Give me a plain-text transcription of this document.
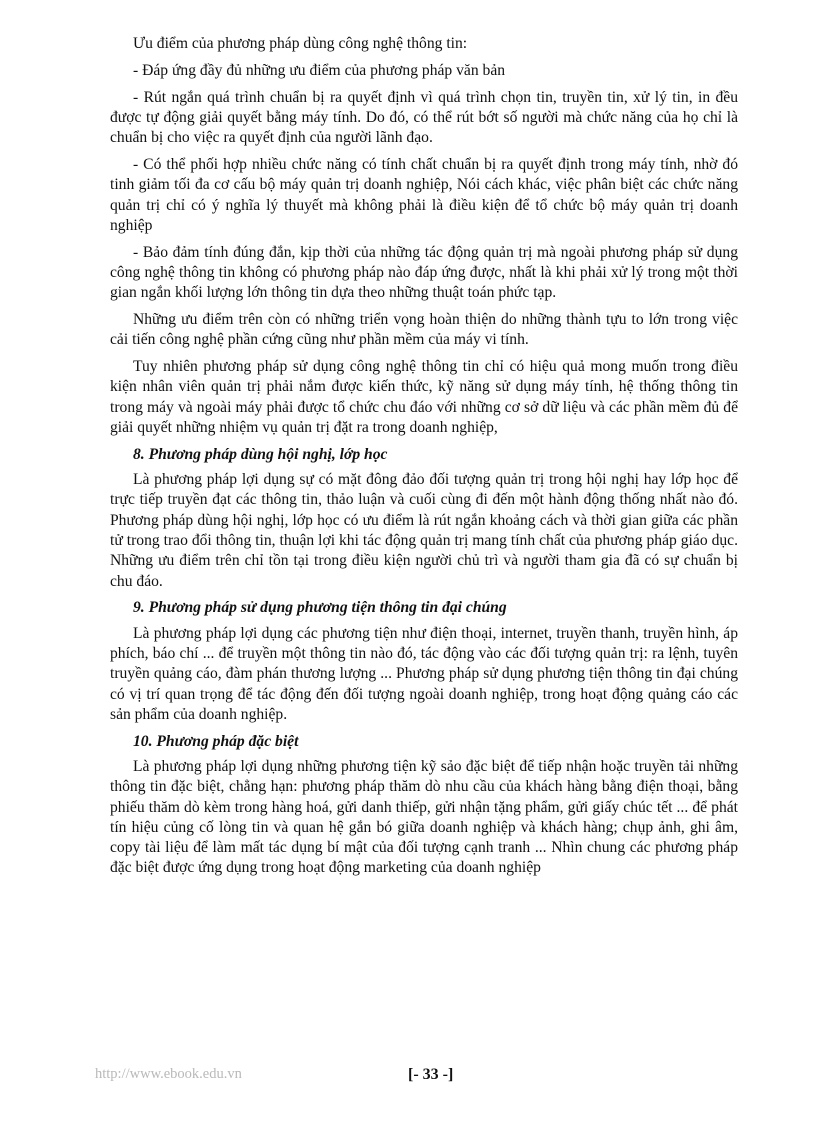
Ưu điểm của phương pháp dùng công nghệ thông tin:

- Đáp ứng đầy đủ những ưu điểm của phương pháp văn bản

- Rút ngắn quá trình chuẩn bị ra quyết định vì quá trình chọn tin, truyền tin, xử lý tin, in đều được tự động giải quyết bằng máy tính. Do đó, có thể rút bớt số người mà chức năng của họ chỉ là chuẩn bị cho việc ra quyết định của người lãnh đạo.

- Có thể phối hợp nhiều chức năng có tính chất chuẩn bị ra quyết định trong máy tính, nhờ đó tinh giảm tối đa cơ cấu bộ máy quản trị doanh nghiệp, Nói cách khác, việc phân biệt các chức năng quản trị chỉ có ý nghĩa lý thuyết mà không phải là điều kiện để tổ chức bộ máy quản trị doanh nghiệp

- Bảo đảm tính đúng đắn, kịp thời của những tác động quản trị mà ngoài phương pháp sử dụng công nghệ thông tin không có phương pháp nào đáp ứng được, nhất là khi phải xử lý trong một thời gian ngắn khối lượng lớn thông tin dựa theo những thuật toán phức tạp.

Những ưu điểm trên còn có những triển vọng hoàn thiện do những thành tựu to lớn trong việc cải tiến công nghệ phần cứng cũng như phần mềm của máy vi tính.

Tuy nhiên phương pháp sử dụng công nghệ thông tin chỉ có hiệu quả mong muốn trong điều kiện nhân viên quản trị phải nắm được kiến thức, kỹ năng sử dụng máy tính, hệ thống thông tin trong máy và ngoài máy phải được tổ chức chu đáo với những cơ sở dữ liệu và các phần mềm đủ để giải quyết những nhiệm vụ quản trị đặt ra trong doanh nghiệp,

8. Phương pháp dùng hội nghị, lớp học

Là phương pháp lợi dụng sự có mặt đông đảo đối tượng quản trị trong hội nghị hay lớp học để trực tiếp truyền đạt các thông tin, thảo luận và cuối cùng đi đến một hành động thống nhất nào đó. Phương pháp dùng hội nghị, lớp học có ưu điểm là rút ngắn khoảng cách và thời gian giữa các phần tử trong trao đổi thông tin, thuận lợi khi tác động quản trị mang tính chất của phương pháp giáo dục. Những ưu điểm trên chỉ tồn tại trong điều kiện người chủ trì và người tham gia đã có sự chuẩn bị chu đáo.

9. Phương pháp sử dụng phương tiện thông tin đại chúng

Là phương pháp lợi dụng các phương tiện như điện thoại, internet, truyền thanh, truyền hình, áp phích, báo chí ... để truyền một thông tin nào đó, tác động vào các đối tượng quản trị: ra lệnh, tuyên truyền quảng cáo, đàm phán thương lượng ... Phương pháp sử dụng phương tiện thông tin đại chúng có vị trí quan trọng để tác động đến đối tượng ngoài doanh nghiệp, trong hoạt động quảng cáo các sản phẩm của doanh nghiệp.

10. Phương pháp đặc biệt

Là phương pháp lợi dụng những phương tiện kỹ sảo đặc biệt để tiếp nhận hoặc truyền tải những thông tin đặc biệt, chẳng hạn: phương pháp thăm dò nhu cầu của khách hàng bằng điện thoại, bằng phiếu thăm dò kèm trong hàng hoá, gửi danh thiếp, gửi nhận tặng phẩm, gửi giấy chúc tết ... để phát tín hiệu củng cố lòng tin và quan hệ gắn bó giữa doanh nghiệp và khách hàng; chụp ảnh, ghi âm, copy tài liệu để làm mất tác dụng bí mật của đối tượng cạnh tranh ... Nhìn chung các phương pháp đặc biệt được ứng dụng trong hoạt động marketing của doanh nghiệp

http://www.ebook.edu.vn	[- 33 -]
